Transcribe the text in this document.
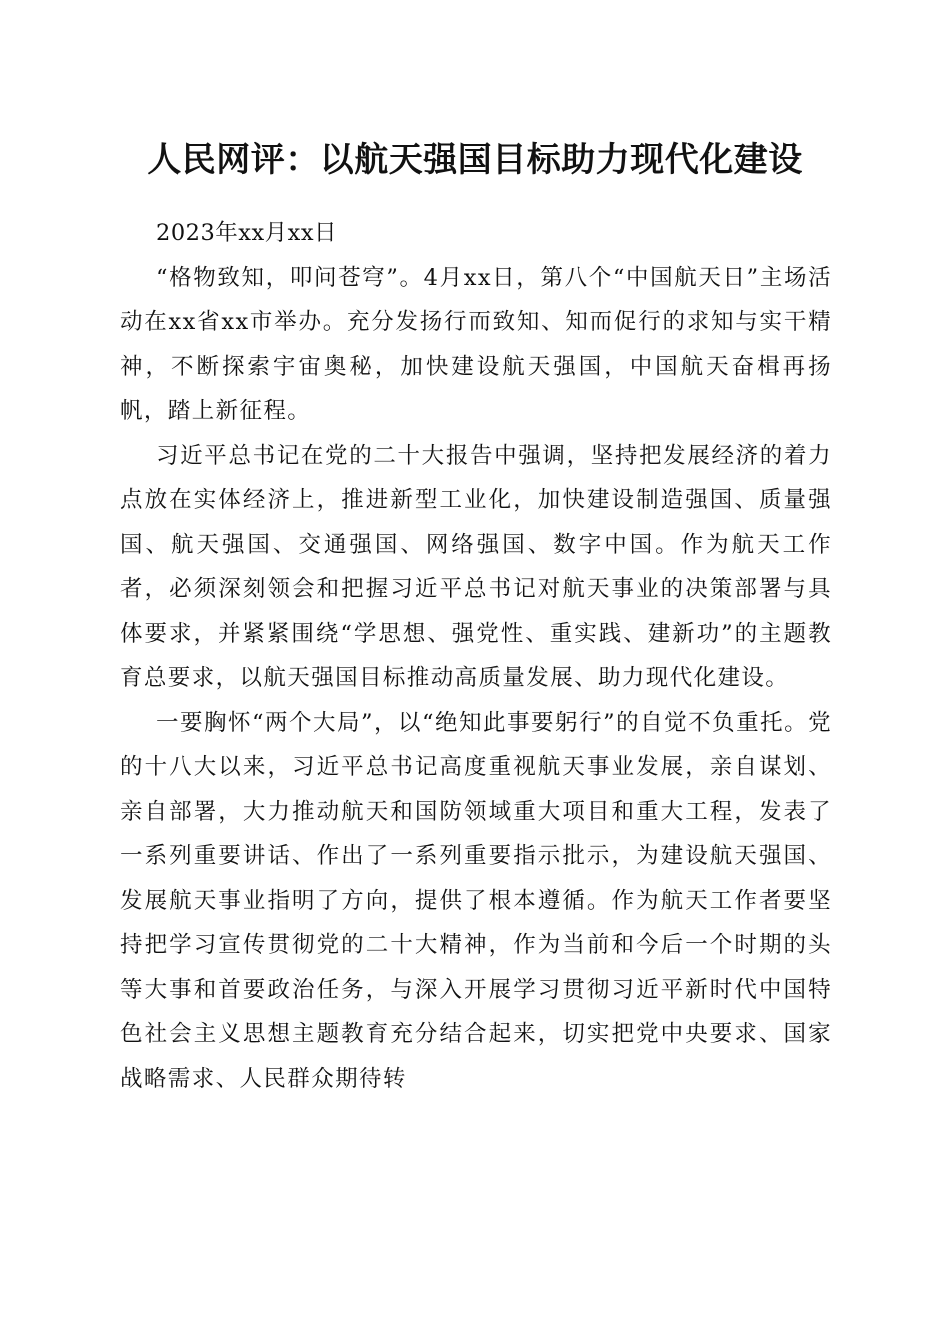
人民网评：以航天强国目标助力现代化建设

2023年xx月xx日

“格物致知，叩问苍穹”。4月xx日，第八个“中国航天日”主场活动在xx省xx市举办。充分发扬行而致知、知而促行的求知与实干精神，不断探索宇宙奥秘，加快建设航天强国，中国航天奋楫再扬帆，踏上新征程。

习近平总书记在党的二十大报告中强调，坚持把发展经济的着力点放在实体经济上，推进新型工业化，加快建设制造强国、质量强国、航天强国、交通强国、网络强国、数字中国。作为航天工作者，必须深刻领会和把握习近平总书记对航天事业的决策部署与具体要求，并紧紧围绕“学思想、强党性、重实践、建新功”的主题教育总要求，以航天强国目标推动高质量发展、助力现代化建设。

一要胸怀“两个大局”，以“绝知此事要躬行”的自觉不负重托。党的十八大以来，习近平总书记高度重视航天事业发展，亲自谋划、亲自部署，大力推动航天和国防领域重大项目和重大工程，发表了一系列重要讲话、作出了一系列重要指示批示，为建设航天强国、发展航天事业指明了方向，提供了根本遵循。作为航天工作者要坚持把学习宣传贯彻党的二十大精神，作为当前和今后一个时期的头等大事和首要政治任务，与深入开展学习贯彻习近平新时代中国特色社会主义思想主题教育充分结合起来，切实把党中央要求、国家战略需求、人民群众期待转
